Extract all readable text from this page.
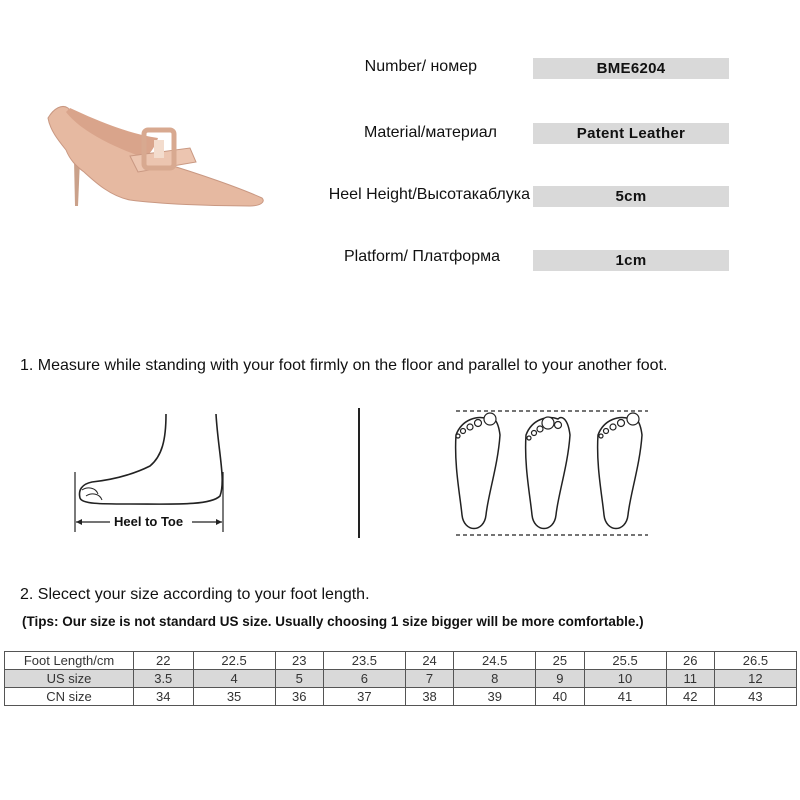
Number/ номер	BME6204
Material/материал	Patent Leather
Heel Height/Высотакаблука	5cm
Platform/ Платформа	1cm
1. Measure while standing with your foot firmly on the floor and parallel to your another foot.
Heel to Toe
2. Slecect your size according to your foot length.
(Tips: Our size is not standard US size. Usually choosing 1 size bigger will be more comfortable.)
Foot Length/cm	22	22.5	23	23.5	24	24.5	25	25.5	26	26.5
US size	3.5	4	5	6	7	8	9	10	11	12
CN size	34	35	36	37	38	39	40	41	42	43
